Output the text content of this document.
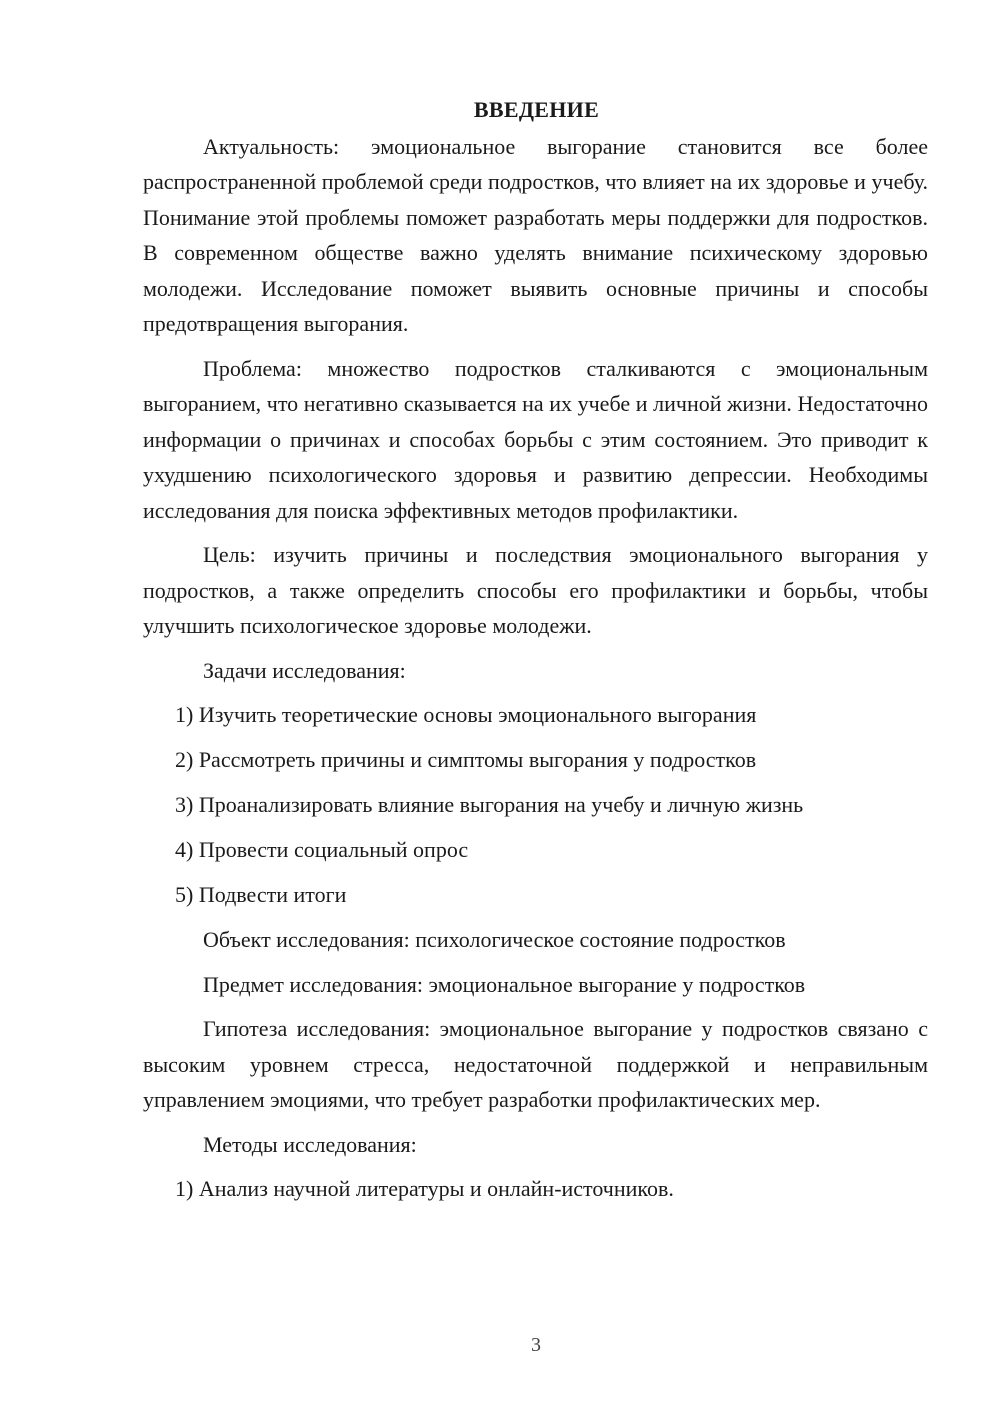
ВВЕДЕНИЕ

Актуальность: эмоциональное выгорание становится все более распространенной проблемой среди подростков, что влияет на их здоровье и учебу. Понимание этой проблемы поможет разработать меры поддержки для подростков. В современном обществе важно уделять внимание психическому здоровью молодежи. Исследование поможет выявить основные причины и способы предотвращения выгорания.

Проблема: множество подростков сталкиваются с эмоциональным выгоранием, что негативно сказывается на их учебе и личной жизни. Недостаточно информации о причинах и способах борьбы с этим состоянием. Это приводит к ухудшению психологического здоровья и развитию депрессии. Необходимы исследования для поиска эффективных методов профилактики.

Цель: изучить причины и последствия эмоционального выгорания у подростков, а также определить способы его профилактики и борьбы, чтобы улучшить психологическое здоровье молодежи.

Задачи исследования:

1) Изучить теоретические основы эмоционального выгорания

2) Рассмотреть причины и симптомы выгорания у подростков

3) Проанализировать влияние выгорания на учебу и личную жизнь

4) Провести социальный опрос

5) Подвести итоги

Объект исследования: психологическое состояние подростков

Предмет исследования: эмоциональное выгорание у подростков

Гипотеза исследования: эмоциональное выгорание у подростков связано с высоким уровнем стресса, недостаточной поддержкой и неправильным управлением эмоциями, что требует разработки профилактических мер.

Методы исследования:

1) Анализ научной литературы и онлайн-источников.

3
